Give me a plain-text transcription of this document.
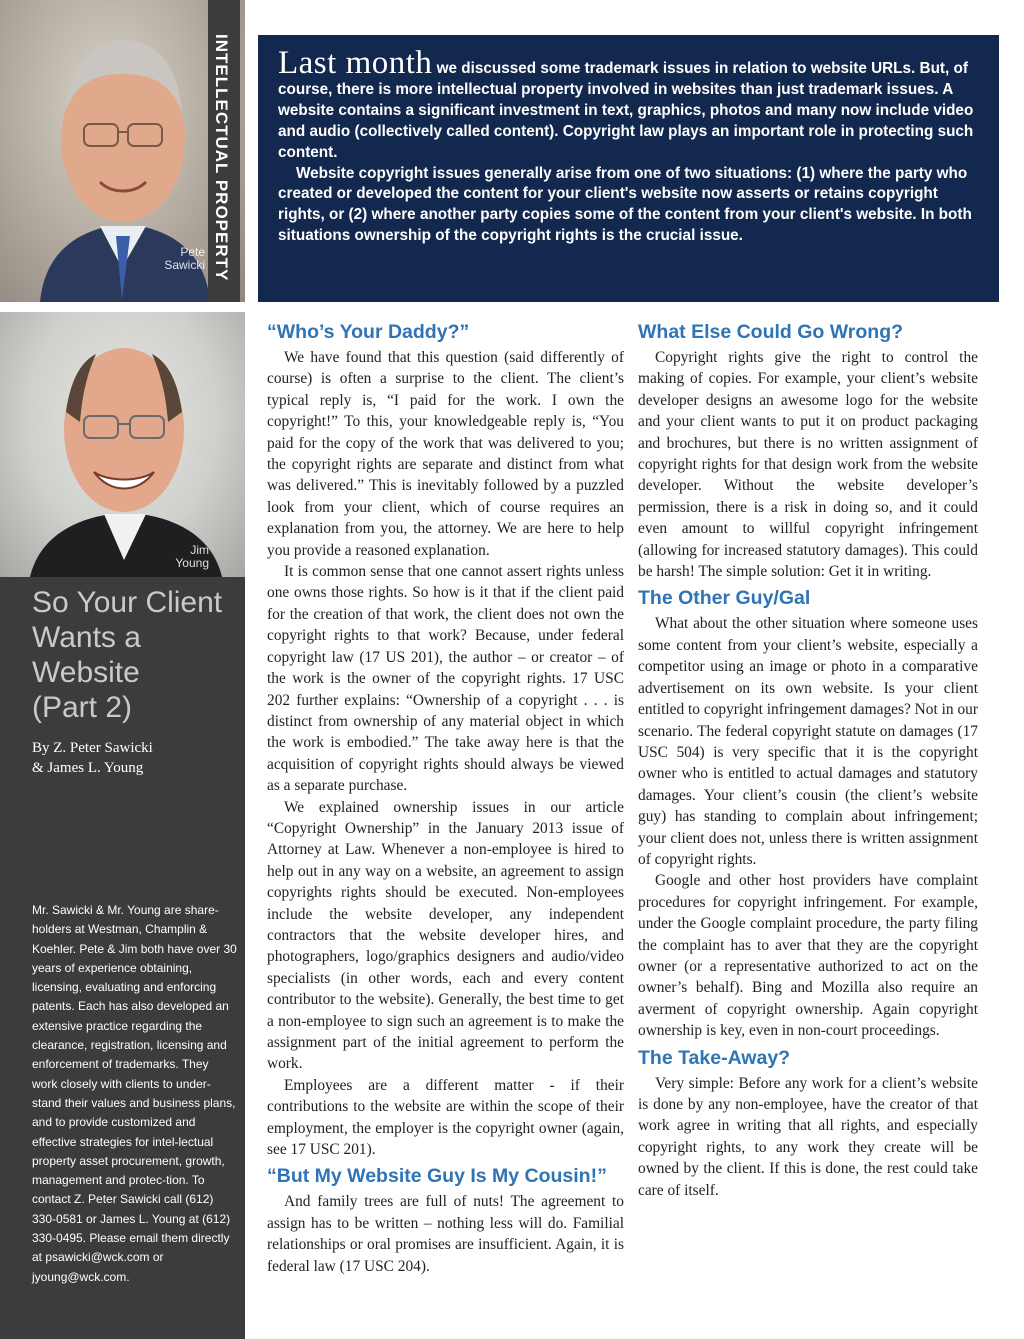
Pete
Sawicki INTELLECTUAL PROPERTY
Jim
Young
So Your Client
Wants a
Website
(Part 2)

By Z. Peter Sawicki
& James L. Young

Mr. Sawicki & Mr. Young are share-holders at Westman, Champlin & Koehler. Pete & Jim both have over 30 years of experience obtaining, licensing, evaluating and enforcing patents. Each has also developed an extensive practice regarding the clearance, registration, licensing and enforcement of trademarks. They work closely with clients to under-stand their values and business plans, and to provide customized and effective strategies for intel-lectual property asset procurement, growth, management and protec-tion. To contact Z. Peter Sawicki call (612) 330-0581 or James L. Young at (612) 330-0495. Please email them directly at psawicki@wck.com or jyoung@wck.com.

Last month we discussed some trademark issues in relation to website URLs. But, of course, there is more intellectual property involved in websites than just trademark issues. A website contains a significant investment in text, graphics, photos and many now include video and audio (collectively called content). Copyright law plays an important role in protecting such content.
Website copyright issues generally arise from one of two situations: (1) where the party who created or developed the content for your client's website now asserts or retains copyright rights, or (2) where another party copies some of the content from your client's website. In both situations ownership of the copyright rights is the crucial issue.

“Who’s Your Daddy?”

We have found that this question (said differently of course) is often a surprise to the client. The client’s typical reply is, “I paid for the work. I own the copyright!” To this, your knowledgeable reply is, “You paid for the copy of the work that was delivered to you; the copyright rights are separate and distinct from what was delivered.” This is inevitably followed by a puzzled look from your client, which of course requires an explanation from you, the attorney. We are here to help you provide a reasoned explanation.

It is common sense that one cannot assert rights unless one owns those rights. So how is it that if the client paid for the creation of that work, the client does not own the copyright rights to that work? Because, under federal copyright law (17 US 201), the author – or creator – of the work is the owner of the copyright rights. 17 USC 202 further explains: “Ownership of a copyright . . . is distinct from ownership of any material object in which the work is embodied.” The take away here is that the acquisition of copyright rights should always be viewed as a separate purchase.

We explained ownership issues in our article “Copyright Ownership” in the January 2013 issue of Attorney at Law. Whenever a non-employee is hired to help out in any way on a website, an agreement to assign copyrights rights should be executed. Non-employees include the website developer, any independent contractors that the website developer hires, and photographers, logo/graphics designers and audio/video specialists (in other words, each and every content contributor to the website). Generally, the best time to get a non-employee to sign such an agreement is to make the assignment part of the initial agreement to perform the work.

Employees are a different matter - if their contributions to the website are within the scope of their employment, the employer is the copyright owner (again, see 17 USC 201).

“But My Website Guy Is My Cousin!”

And family trees are full of nuts! The agreement to assign has to be written – nothing less will do. Familial relationships or oral promises are insufficient. Again, it is federal law (17 USC 204).

What Else Could Go Wrong?

Copyright rights give the right to control the making of copies. For example, your client’s website developer designs an awesome logo for the website and your client wants to put it on product packaging and brochures, but there is no written assignment of copyright rights for that design work from the website developer. Without the website developer’s permission, there is a risk in doing so, and it could even amount to willful copyright infringement (allowing for increased statutory damages). This could be harsh! The simple solution: Get it in writing.

The Other Guy/Gal

What about the other situation where someone uses some content from your client’s website, especially a competitor using an image or photo in a comparative advertisement on its own website. Is your client entitled to copyright infringement damages? Not in our scenario. The federal copyright statute on damages (17 USC 504) is very specific that it is the copyright owner who is entitled to actual damages and statutory damages. Your client’s cousin (the client’s website guy) has standing to complain about infringement; your client does not, unless there is written assignment of copyright rights.

Google and other host providers have complaint procedures for copyright infringement. For example, under the Google complaint procedure, the party filing the complaint has to aver that they are the copyright owner (or a representative authorized to act on the owner’s behalf). Bing and Mozilla also require an averment of copyright ownership. Again copyright ownership is key, even in non-court proceedings.

The Take-Away?

Very simple: Before any work for a client’s website is done by any non-employee, have the creator of that work agree in writing that all rights, and especially copyright rights, to any work they create will be owned by the client. If this is done, the rest could take care of itself.
